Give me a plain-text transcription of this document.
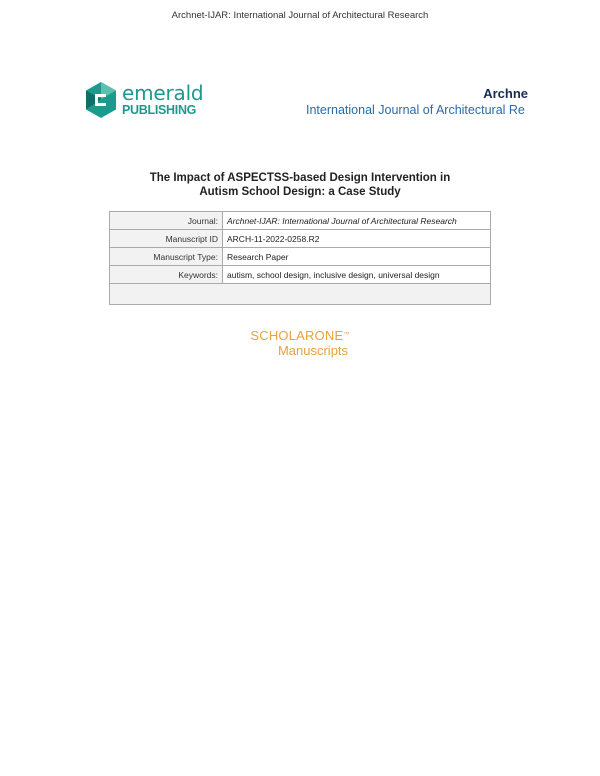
Archnet-IJAR: International Journal of Architectural Research
emerald
PUBLISHING
Archne
International Journal of Architectural Re
The Impact of ASPECTSS-based Design Intervention in
Autism School Design: a Case Study
Journal:	Archnet-IJAR: International Journal of Architectural Research
Manuscript ID	ARCH-11-2022-0258.R2
Manuscript Type:	Research Paper
Keywords:	autism, school design, inclusive design, universal design

SCHOLARONE™
Manuscripts
